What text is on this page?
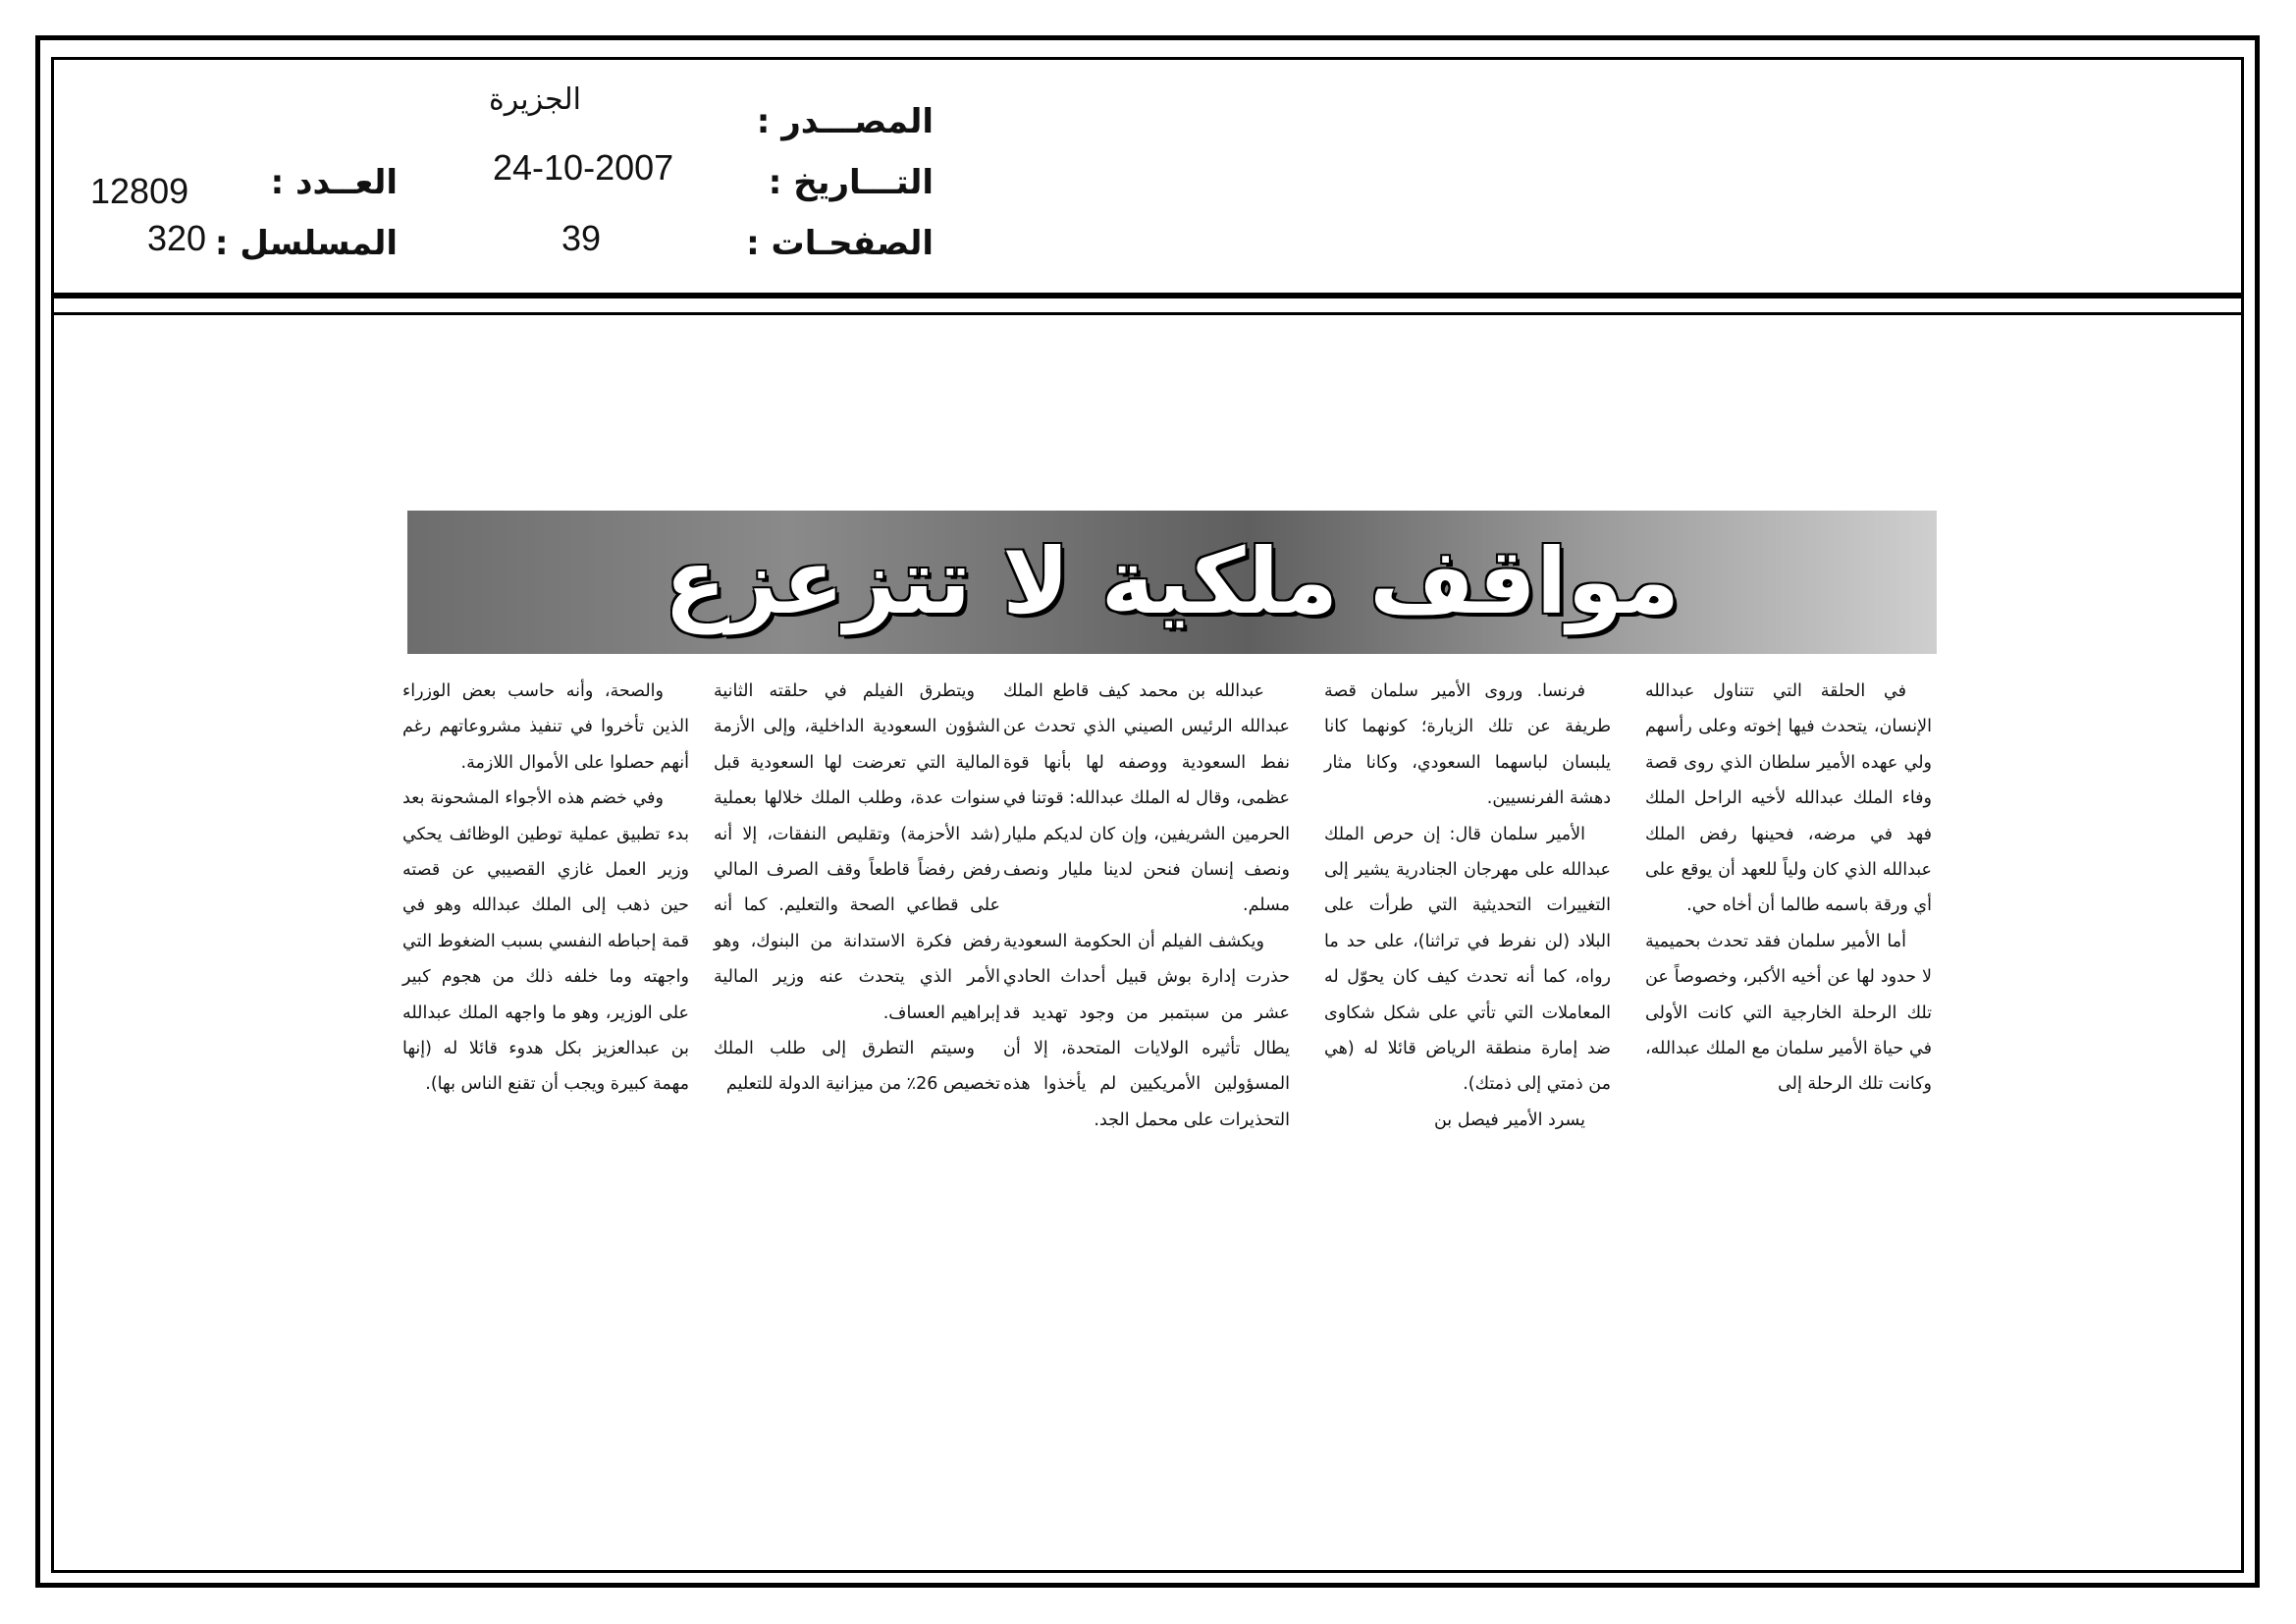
المصـــدر :
الجزيرة
التـــاريخ :
24-10-2007
الصفحـات :
39
العــدد :
12809
المسلسل :
320
مواقف ملكية لا تتزعزع

في الحلقة التي تتناول عبدالله الإنسان، يتحدث فيها إخوته وعلى رأسهم ولي عهده الأمير سلطان الذي روى قصة وفاء الملك عبدالله لأخيه الراحل الملك فهد في مرضه، فحينها رفض الملك عبدالله الذي كان ولياً للعهد أن يوقع على أي ورقة باسمه طالما أن أخاه حي.

أما الأمير سلمان فقد تحدث بحميمية لا حدود لها عن أخيه الأكبر، وخصوصاً عن تلك الرحلة الخارجية التي كانت الأولى في حياة الأمير سلمان مع الملك عبدالله، وكانت تلك الرحلة إلى

فرنسا. وروى الأمير سلمان قصة طريفة عن تلك الزيارة؛ كونهما كانا يلبسان لباسهما السعودي، وكانا مثار دهشة الفرنسيين.

الأمير سلمان قال: إن حرص الملك عبدالله على مهرجان الجنادرية يشير إلى التغييرات التحديثية التي طرأت على البلاد (لن نفرط في تراثنا)، على حد ما رواه، كما أنه تحدث كيف كان يحوّل له المعاملات التي تأتي على شكل شكاوى ضد إمارة منطقة الرياض قائلا له (هي من ذمتي إلى ذمتك).

يسرد الأمير فيصل بن

عبدالله بن محمد كيف قاطع الملك عبدالله الرئيس الصيني الذي تحدث عن نفط السعودية ووصفه لها بأنها قوة عظمى، وقال له الملك عبدالله: قوتنا في الحرمين الشريفين، وإن كان لديكم مليار ونصف إنسان فنحن لدينا مليار ونصف مسلم.

ويكشف الفيلم أن الحكومة السعودية حذرت إدارة بوش قبيل أحداث الحادي عشر من سبتمبر من وجود تهديد قد يطال تأثيره الولايات المتحدة، إلا أن المسؤولين الأمريكيين لم يأخذوا هذه التحذيرات على محمل الجد.

ويتطرق الفيلم في حلقته الثانية الشؤون السعودية الداخلية، وإلى الأزمة المالية التي تعرضت لها السعودية قبل سنوات عدة، وطلب الملك خلالها بعملية (شد الأحزمة) وتقليص النفقات، إلا أنه رفض رفضاً قاطعاً وقف الصرف المالي على قطاعي الصحة والتعليم. كما أنه رفض فكرة الاستدانة من البنوك، وهو الأمر الذي يتحدث عنه وزير المالية إبراهيم العساف.

وسيتم التطرق إلى طلب الملك تخصيص 26٪ من ميزانية الدولة للتعليم

والصحة، وأنه حاسب بعض الوزراء الذين تأخروا في تنفيذ مشروعاتهم رغم أنهم حصلوا على الأموال اللازمة.

وفي خضم هذه الأجواء المشحونة بعد بدء تطبيق عملية توطين الوظائف يحكي وزير العمل غازي القصيبي عن قصته حين ذهب إلى الملك عبدالله وهو في قمة إحباطه النفسي بسبب الضغوط التي واجهته وما خلفه ذلك من هجوم كبير على الوزير، وهو ما واجهه الملك عبدالله بن عبدالعزيز بكل هدوء قائلا له (إنها مهمة كبيرة ويجب أن تقنع الناس بها).
